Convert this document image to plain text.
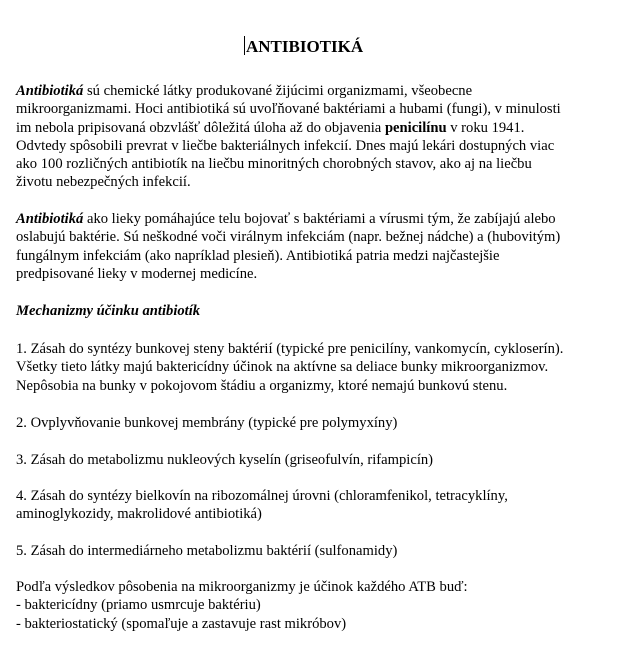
ANTIBIOTIKÁ
Antibiotiká sú chemické látky produkované žijúcimi organizmami, všeobecne
mikroorganizmami. Hoci antibiotiká sú uvoľňované baktériami a hubami (fungi), v minulosti
im nebola pripisovaná obzvlášť dôležitá úloha až do objavenia penicilínu v roku 1941.
Odvtedy spôsobili prevrat v liečbe bakteriálnych infekcií. Dnes majú lekári dostupných viac
ako 100 rozličných antibiotík na liečbu minoritných chorobných stavov, ako aj na liečbu
životu nebezpečných infekcií.
Antibiotiká ako lieky pomáhajúce telu bojovať s baktériami a vírusmi tým, že zabíjajú alebo
oslabujú baktérie. Sú neškodné voči virálnym infekciám (napr. bežnej nádche) a (hubovitým)
fungálnym infekciám (ako napríklad plesieň). Antibiotiká patria medzi najčastejšie
predpisované lieky v modernej medicíne.
Mechanizmy účinku antibiotík
1. Zásah do syntézy bunkovej steny baktérií (typické pre penicilíny, vankomycín, cykloserín).
Všetky tieto látky majú baktericídny účinok na aktívne sa deliace bunky mikroorganizmov.
Nepôsobia na bunky v pokojovom štádiu a organizmy, ktoré nemajú bunkovú stenu.
2. Ovplyvňovanie bunkovej membrány (typické pre polymyxíny)
3. Zásah do metabolizmu nukleových kyselín (griseofulvín, rifampicín)
4. Zásah do syntézy bielkovín na ribozomálnej úrovni (chloramfenikol, tetracyklíny,
aminoglykozidy, makrolidové antibiotiká)
5. Zásah do intermediárneho metabolizmu baktérií (sulfonamidy)
Podľa výsledkov pôsobenia na mikroorganizmy je účinok každého ATB buď:
- baktericídny (priamo usmrcuje baktériu)
- bakteriostatický (spomaľuje a zastavuje rast mikróbov)
